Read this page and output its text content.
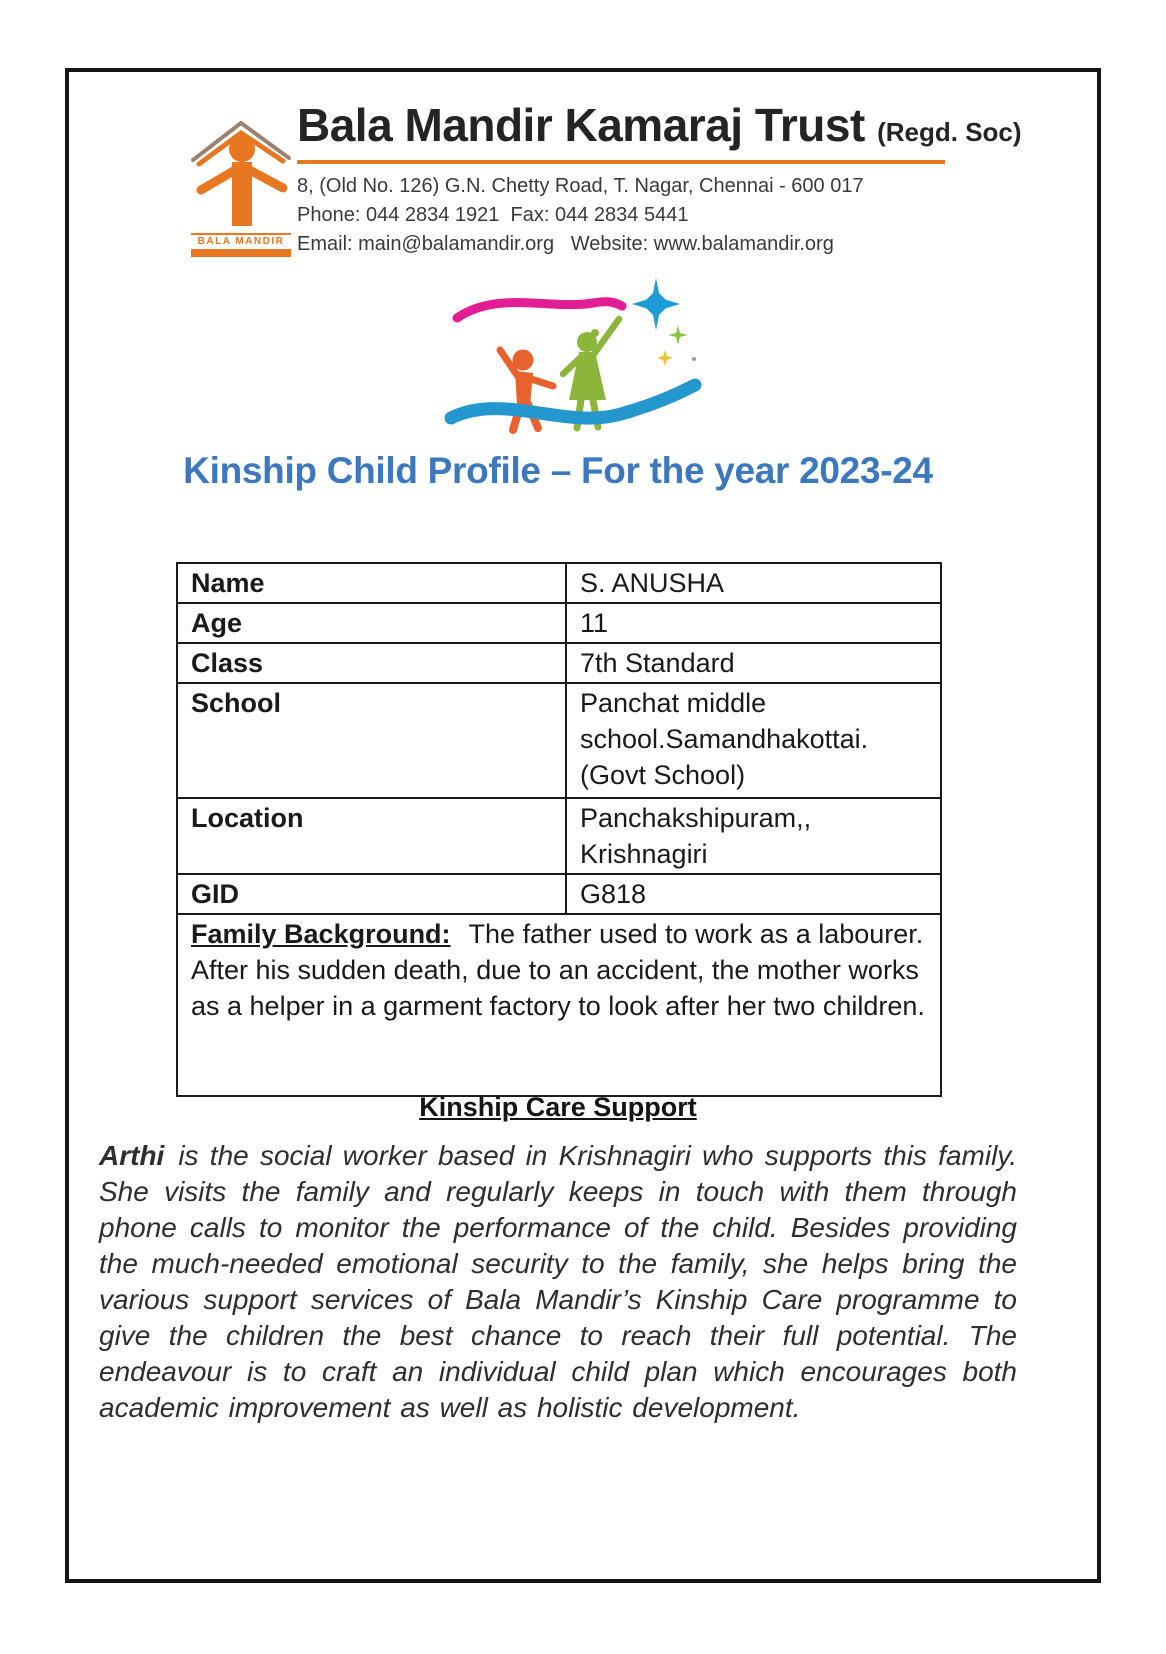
BALA MANDIR
Bala Mandir Kamaraj Trust (Regd. Soc)
8, (Old No. 126) G.N. Chetty Road, T. Nagar, Chennai - 600 017
Phone: 044 2834 1921  Fax: 044 2834 5441
Email: main@balamandir.org   Website: www.balamandir.org
Kinship Child Profile – For the year 2023-24
Name	S. ANUSHA
Age	11
Class	7th Standard
School	Panchat middle school.Samandhakottai. (Govt School)
Location	Panchakshipuram,, Krishnagiri
GID	G818
Family Background: The father used to work as a labourer. After his sudden death, due to an accident, the mother works as a helper in a garment factory to look after her two children.	
Kinship Care Support

Arthi is the social worker based in Krishnagiri who supports this family. She visits the family and regularly keeps in touch with them through phone calls to monitor the performance of the child. Besides providing the much-needed emotional security to the family, she helps bring the various support services of Bala Mandir’s Kinship Care programme to give the children the best chance to reach their full potential. The endeavour is to craft an individual child plan which encourages both academic improvement as well as holistic development.
